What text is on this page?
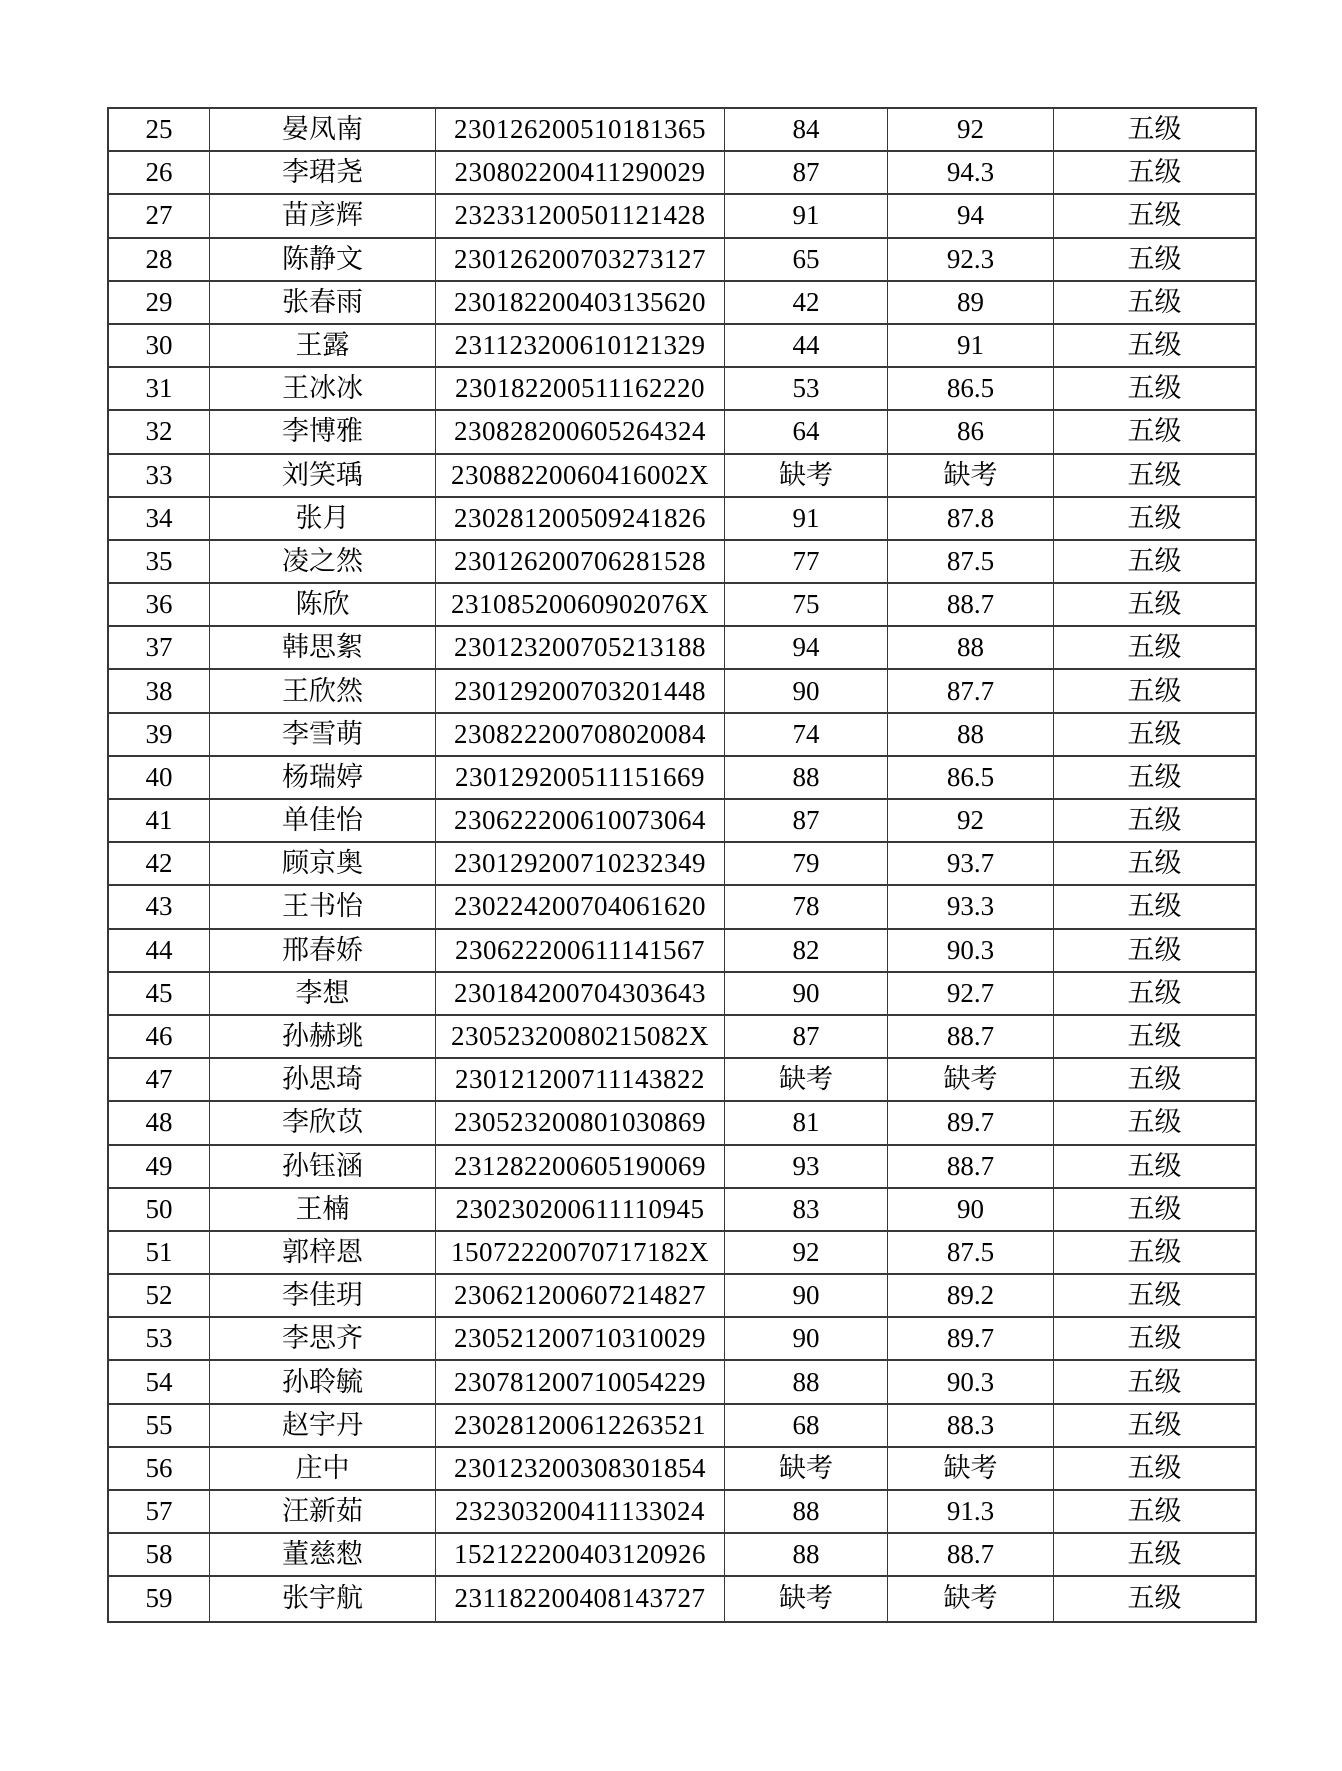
25	晏凤南	230126200510181365	84	92	五级
26	李珺尧	230802200411290029	87	94.3	五级
27	苗彦辉	232331200501121428	91	94	五级
28	陈静文	230126200703273127	65	92.3	五级
29	张春雨	230182200403135620	42	89	五级
30	王露	231123200610121329	44	91	五级
31	王冰冰	230182200511162220	53	86.5	五级
32	李博雅	230828200605264324	64	86	五级
33	刘笑瑀	23088220060416002X	缺考	缺考	五级
34	张月	230281200509241826	91	87.8	五级
35	凌之然	230126200706281528	77	87.5	五级
36	陈欣	23108520060902076X	75	88.7	五级
37	韩思絮	230123200705213188	94	88	五级
38	王欣然	230129200703201448	90	87.7	五级
39	李雪萌	230822200708020084	74	88	五级
40	杨瑞婷	230129200511151669	88	86.5	五级
41	单佳怡	230622200610073064	87	92	五级
42	顾京奥	230129200710232349	79	93.7	五级
43	王书怡	230224200704061620	78	93.3	五级
44	邢春娇	230622200611141567	82	90.3	五级
45	李想	230184200704303643	90	92.7	五级
46	孙赫珧	23052320080215082X	87	88.7	五级
47	孙思琦	230121200711143822	缺考	缺考	五级
48	李欣苡	230523200801030869	81	89.7	五级
49	孙钰涵	231282200605190069	93	88.7	五级
50	王楠	230230200611110945	83	90	五级
51	郭梓恩	15072220070717182X	92	87.5	五级
52	李佳玥	230621200607214827	90	89.2	五级
53	李思齐	230521200710310029	90	89.7	五级
54	孙聆毓	230781200710054229	88	90.3	五级
55	赵宇丹	230281200612263521	68	88.3	五级
56	庄中	230123200308301854	缺考	缺考	五级
57	汪新茹	232303200411133024	88	91.3	五级
58	董慈愸	152122200403120926	88	88.7	五级
59	张宇航	231182200408143727	缺考	缺考	五级
